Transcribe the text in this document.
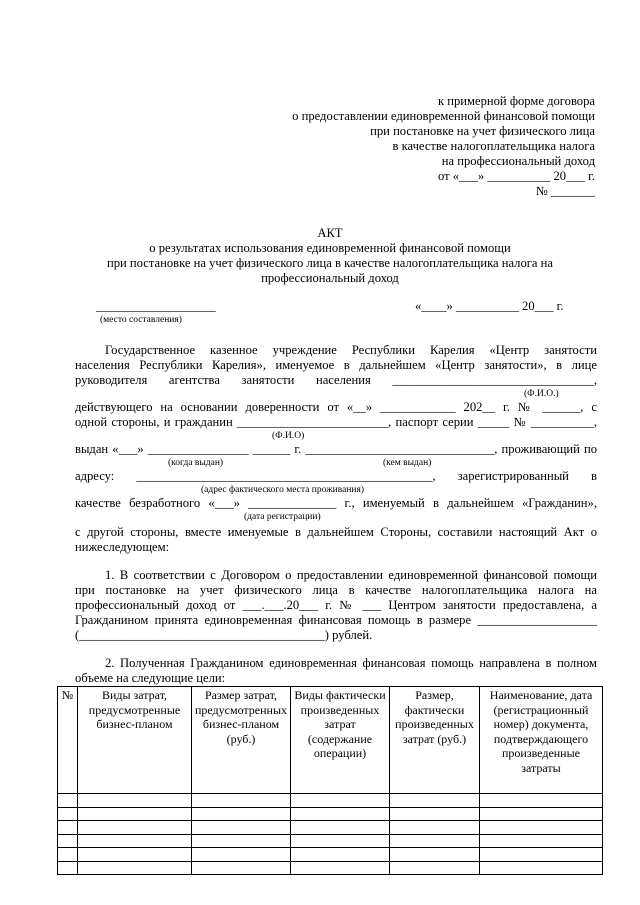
к примерной форме договора
о предоставлении единовременной финансовой помощи
при постановке на учет физического лица
в качестве налогоплательщика налога
на профессиональный доход
от «___» __________ 20___ г.
№ _______
АКТ
о результатах использования единовременной финансовой помощи
при постановке на учет физического лица в качестве налогоплательщика налога на
профессиональный доход
___________________
(место составления)
«____» __________ 20___ г.
Государственное казенное учреждение Республики Карелия «Центр занятости
населения Республики Карелия», именуемое в дальнейшем «Центр занятости», в лице
руководителя агентства занятости населения ________________________________,
(Ф.И.О.)
действующего на основании доверенности от «__» ____________ 202__ г. № ______, с
одной стороны, и гражданин ________________________, паспорт серии _____ № __________,
(Ф.И.О)
выдан «___» ________________ ______ г. ______________________________, проживающий по
(когда выдан)	(кем выдан)
адресу: _______________________________________________, зарегистрированный в
(адрес фактического места проживания)
качестве безработного «___» ______________ г., именуемый в дальнейшем «Гражданин»,
(дата регистрации)
с другой стороны, вместе именуемые в дальнейшем Стороны, составили настоящий Акт о
нижеследующем:
1. В соответствии с Договором о предоставлении единовременной финансовой помощи
при постановке на учет физического лица в качестве налогоплательщика налога на
профессиональный доход от ___.___.20___ г. № ___ Центром занятости предоставлена, а
Гражданином принята единовременная финансовая помощь в размере ___________________
(_______________________________________) рублей.
2. Полученная Гражданином единовременная финансовая помощь направлена в полном
объеме на следующие цели:
№	Виды затрат, предусмотренные бизнес-планом	Размер затрат, предусмотренных бизнес-планом (руб.)	Виды фактически произведенных затрат (содержание операции)	Размер, фактически произведенных затрат (руб.)	Наименование, дата (регистрационный номер) документа, подтверждающего произведенные затраты
